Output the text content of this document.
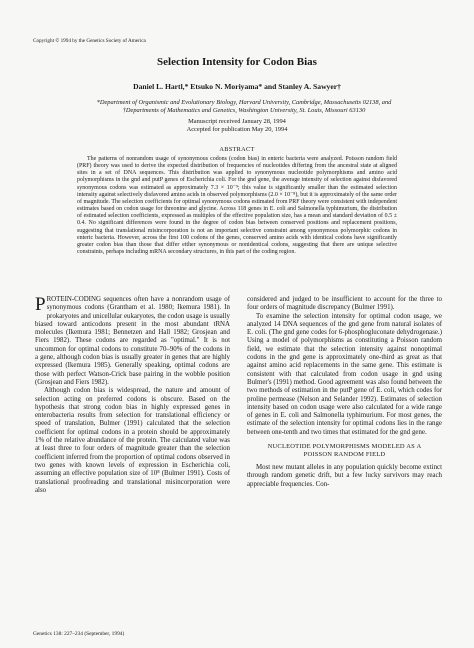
Copyright © 1994 by the Genetics Society of America
Selection Intensity for Codon Bias
Daniel L. Hartl,* Etsuko N. Moriyama* and Stanley A. Sawyer†
*Department of Organismic and Evolutionary Biology, Harvard University, Cambridge, Massachusetts 02138, and
†Departments of Mathematics and Genetics, Washington University, St. Louis, Missouri 63130
Manuscript received January 28, 1994
Accepted for publication May 20, 1994
ABSTRACT

The patterns of nonrandom usage of synonymous codons (codon bias) in enteric bacteria were analyzed. Poisson random field (PRF) theory was used to derive the expected distribution of frequencies of nucleotides differing from the ancestral state at aligned sites in a set of DNA sequences. This distribution was applied to synonymous nucleotide polymorphisms and amino acid polymorphisms in the gnd and putP genes of Escherichia coli. For the gnd gene, the average intensity of selection against disfavored synonymous codons was estimated as approximately 7.3 × 10⁻⁹; this value is significantly smaller than the estimated selection intensity against selectively disfavored amino acids in observed polymorphisms (2.0 × 10⁻⁸), but it is approximately of the same order of magnitude. The selection coefficients for optimal synonymous codons estimated from PRF theory were consistent with independent estimates based on codon usage for threonine and glycine. Across 118 genes in E. coli and Salmonella typhimurium, the distribution of estimated selection coefficients, expressed as multiples of the effective population size, has a mean and standard deviation of 0.5 ± 0.4. No significant differences were found in the degree of codon bias between conserved positions and replacement positions, suggesting that translational misincorporation is not an important selective constraint among synonymous polymorphic codons in enteric bacteria. However, across the first 100 codons of the genes, conserved amino acids with identical codons have significantly greater codon bias than those that differ either synonymous or nonidentical codons, suggesting that there are unique selective constraints, perhaps including mRNA secondary structures, in this part of the coding region.

PROTEIN-CODING sequences often have a nonrandom usage of synonymous codons (Grantham et al. 1980; Ikemura 1981). In prokaryotes and unicellular eukaryotes, the codon usage is usually biased toward anticodons present in the most abundant tRNA molecules (Ikemura 1981; Bennetzen and Hall 1982; Grosjean and Fiers 1982). These codons are regarded as "optimal." It is not uncommon for optimal codons to constitute 70–90% of the codons in a gene, although codon bias is usually greater in genes that are highly expressed (Ikemura 1985). Generally speaking, optimal codons are those with perfect Watson-Crick base pairing in the wobble position (Grosjean and Fiers 1982).

Although codon bias is widespread, the nature and amount of selection acting on preferred codons is obscure. Based on the hypothesis that strong codon bias in highly expressed genes in enterobacteria results from selection for translational efficiency or speed of translation, Bulmer (1991) calculated that the selection coefficient for optimal codons in a protein should be approximately 1% of the relative abundance of the protein. The calculated value was at least three to four orders of magnitude greater than the selection coefficient inferred from the proportion of optimal codons observed in two genes with known levels of expression in Escherichia coli, assuming an effective population size of 10⁸ (Bulmer 1991). Costs of translational proofreading and translational misincorporation were also

considered and judged to be insufficient to account for the three to four orders of magnitude discrepancy (Bulmer 1991).

To examine the selection intensity for optimal codon usage, we analyzed 14 DNA sequences of the gnd gene from natural isolates of E. coli. (The gnd gene codes for 6-phosphogluconate dehydrogenase.) Using a model of polymorphisms as constituting a Poisson random field, we estimate that the selection intensity against nonoptimal codons in the gnd gene is approximately one-third as great as that against amino acid replacements in the same gene. This estimate is consistent with that calculated from codon usage in gnd using Bulmer's (1991) method. Good agreement was also found between the two methods of estimation in the putP gene of E. coli, which codes for proline permease (Nelson and Selander 1992). Estimates of selection intensity based on codon usage were also calculated for a wide range of genes in E. coli and Salmonella typhimurium. For most genes, the estimate of the selection intensity for optimal codons lies in the range between one-tenth and two times that estimated for the gnd gene.

NUCLEOTIDE POLYMORPHISMS MODELED AS A
POISSON RANDOM FIELD

Most new mutant alleles in any population quickly become extinct through random genetic drift, but a few lucky survivors may reach appreciable frequencies. Con-

Genetics 138: 227–234 (September, 1994)
